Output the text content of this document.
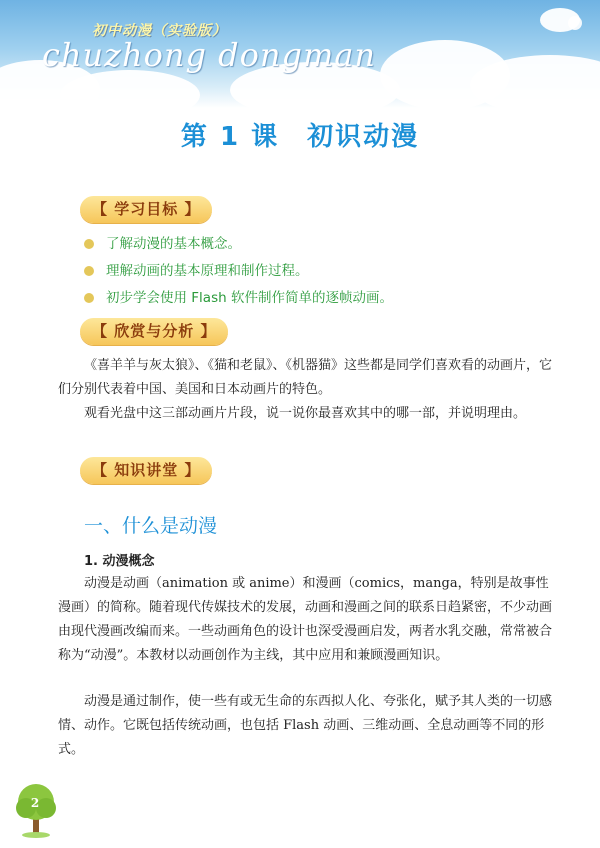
初中动漫（实验版）
chuzhong dongman
第 1 课　初识动漫
【 学习目标 】
了解动漫的基本概念。
理解动画的基本原理和制作过程。
初步学会使用 Flash 软件制作简单的逐帧动画。
【 欣赏与分析 】

《喜羊羊与灰太狼》、《猫和老鼠》、《机器猫》这些都是同学们喜欢看的动画片，它们分别代表着中国、美国和日本动画片的特色。

观看光盘中这三部动画片片段，说一说你最喜欢其中的哪一部，并说明理由。

【 知识讲堂 】
一、什么是动漫
1. 动漫概念

动漫是动画（animation 或 anime）和漫画（comics，manga，特别是故事性漫画）的简称。随着现代传媒技术的发展，动画和漫画之间的联系日趋紧密，不少动画由现代漫画改编而来。一些动画角色的设计也深受漫画启发，两者水乳交融，常常被合称为“动漫”。本教材以动画创作为主线，其中应用和兼顾漫画知识。

动漫是通过制作，使一些有或无生命的东西拟人化、夸张化，赋予其人类的一切感情、动作。它既包括传统动画，也包括 Flash 动画、三维动画、全息动画等不同的形式。

2
